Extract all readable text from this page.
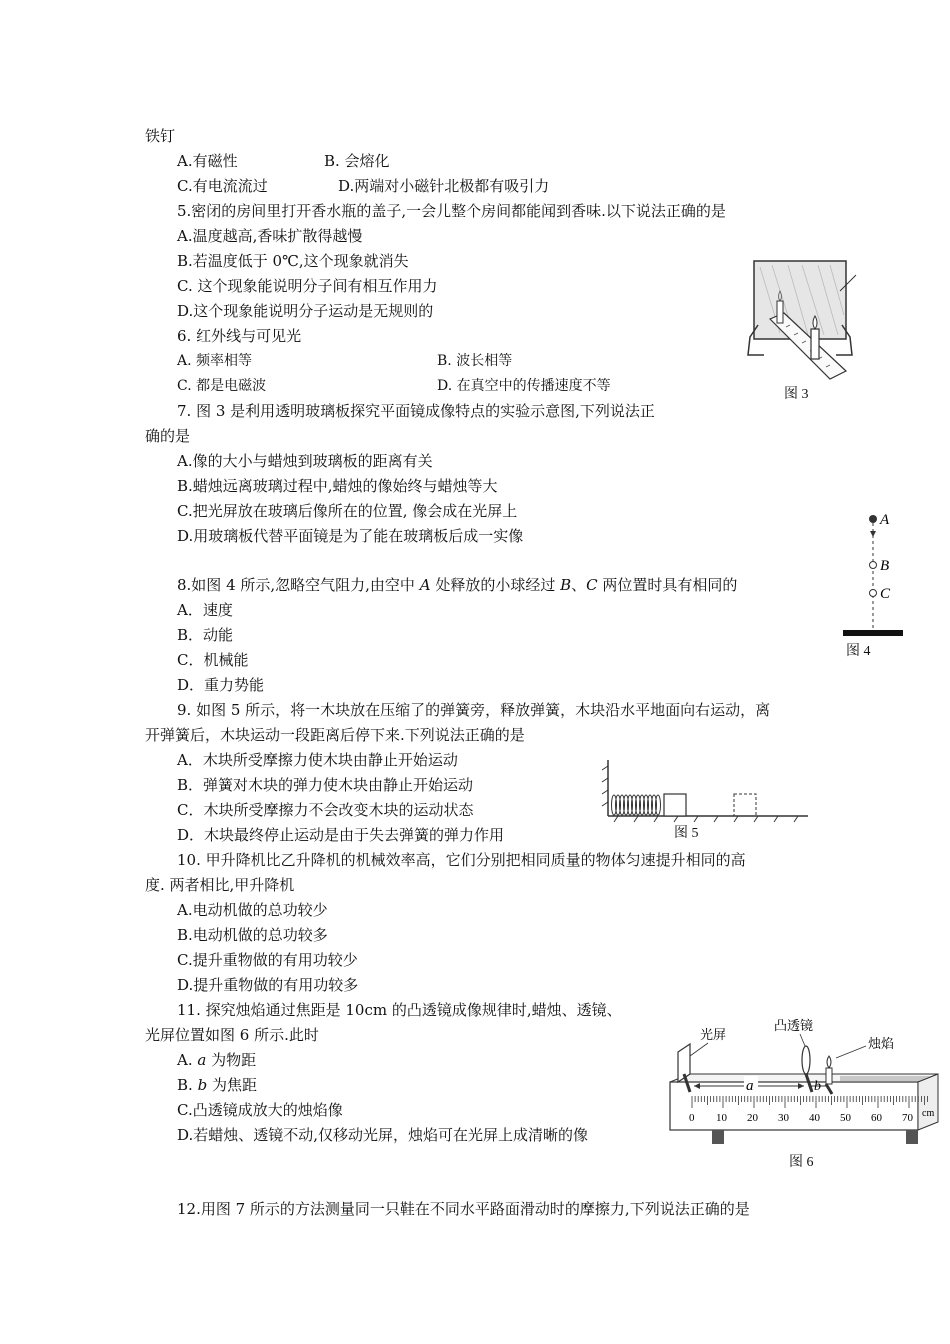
铁钉
A.有磁性	B. 会熔化
C.有电流流过	D.两端对小磁针北极都有吸引力
5.密闭的房间里打开香水瓶的盖子,一会儿整个房间都能闻到香味.以下说法正确的是
A.温度越高,香味扩散得越慢
B.若温度低于 0℃,这个现象就消失
C. 这个现象能说明分子间有相互作用力
D.这个现象能说明分子运动是无规则的
6. 红外线与可见光
A. 频率相等	B. 波长相等
C. 都是电磁波	D. 在真空中的传播速度不等
7. 图 3 是利用透明玻璃板探究平面镜成像特点的实验示意图,下列说法正
确的是
A.像的大小与蜡烛到玻璃板的距离有关
B.蜡烛远离玻璃过程中,蜡烛的像始终与蜡烛等大
C.把光屏放在玻璃后像所在的位置, 像会成在光屏上
D.用玻璃板代替平面镜是为了能在玻璃板后成一实像
8.如图 4 所示,忽略空气阻力,由空中 A 处释放的小球经过 B、C 两位置时具有相同的
A．速度
B．动能
C．机械能
D．重力势能
9. 如图 5 所示，将一木块放在压缩了的弹簧旁，释放弹簧，木块沿水平地面向右运动，离
开弹簧后，木块运动一段距离后停下来.下列说法正确的是
A．木块所受摩擦力使木块由静止开始运动
B．弹簧对木块的弹力使木块由静止开始运动
C．木块所受摩擦力不会改变木块的运动状态
D．木块最终停止运动是由于失去弹簧的弹力作用
10. 甲升降机比乙升降机的机械效率高，它们分别把相同质量的物体匀速提升相同的高
度. 两者相比,甲升降机
A.电动机做的总功较少
B.电动机做的总功较多
C.提升重物做的有用功较少
D.提升重物做的有用功较多
11. 探究烛焰通过焦距是 10cm 的凸透镜成像规律时,蜡烛、透镜、
光屏位置如图 6 所示.此时
A. a 为物距
B. b 为焦距
C.凸透镜成放大的烛焰像
D.若蜡烛、透镜不动,仅移动光屏，烛焰可在光屏上成清晰的像
12.用图 7 所示的方法测量同一只鞋在不同水平路面滑动时的摩擦力,下列说法正确的是
图 3
A
B
C
图 4
图 5
光屏
凸透镜
烛焰
0 10 20 30 40 50 60 70 cm
a	b
图 6
